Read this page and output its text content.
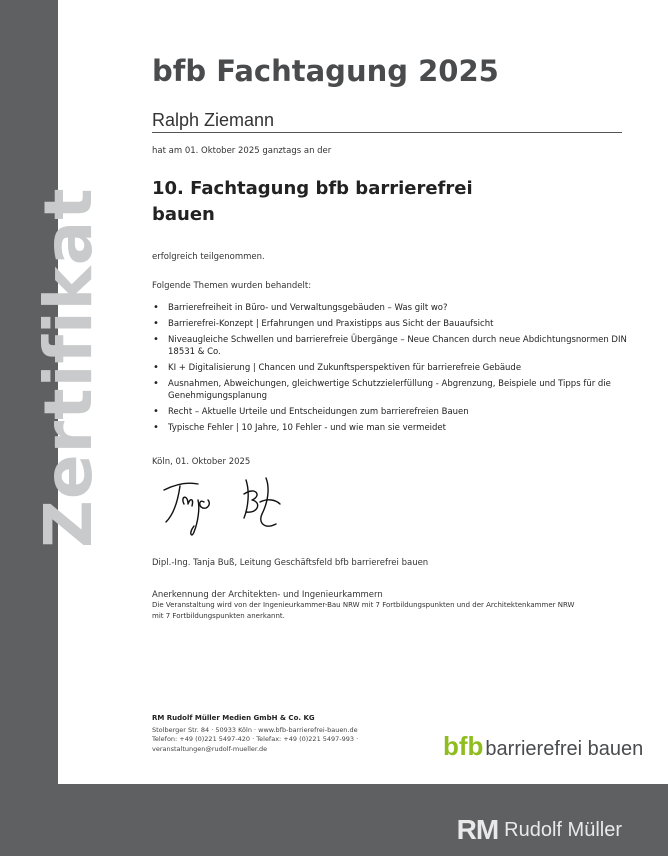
Zertifikat
bfb Fachtagung 2025
Ralph Ziemann
hat am 01. Oktober 2025 ganztags an der
10. Fachtagung bfb barrierefrei bauen
erfolgreich teilgenommen.
Folgende Themen wurden behandelt:
• Barrierefreiheit in Büro- und Verwaltungsgebäuden – Was gilt wo?
• Barrierefrei-Konzept | Erfahrungen und Praxistipps aus Sicht der Bauaufsicht
• Niveaugleiche Schwellen und barrierefreie Übergänge – Neue Chancen durch neue Abdichtungsnormen DIN 18531 & Co.
• KI + Digitalisierung | Chancen und Zukunftsperspektiven für barrierefreie Gebäude
• Ausnahmen, Abweichungen, gleichwertige Schutzzielerfüllung - Abgrenzung, Beispiele und Tipps für die Genehmigungsplanung
• Recht – Aktuelle Urteile und Entscheidungen zum barrierefreien Bauen
• Typische Fehler | 10 Jahre, 10 Fehler - und wie man sie vermeidet
Köln, 01. Oktober 2025
Dipl.-Ing. Tanja Buß, Leitung Geschäftsfeld bfb barrierefrei bauen
Anerkennung der Architekten- und Ingenieurkammern
Die Veranstaltung wird von der Ingenieurkammer-Bau NRW mit 7 Fortbildungspunkten und der Architektenkammer NRW
mit 7 Fortbildungspunkten anerkannt.
RM Rudolf Müller Medien GmbH & Co. KG
Stolberger Str. 84 · 50933 Köln · www.bfb-barrierefrei-bauen.de
Telefon: +49 (0)221 5497-420 · Telefax: +49 (0)221 5497-993 ·
veranstaltungen@rudolf-mueller.de	bfb barrierefrei bauen
RM Rudolf Müller
